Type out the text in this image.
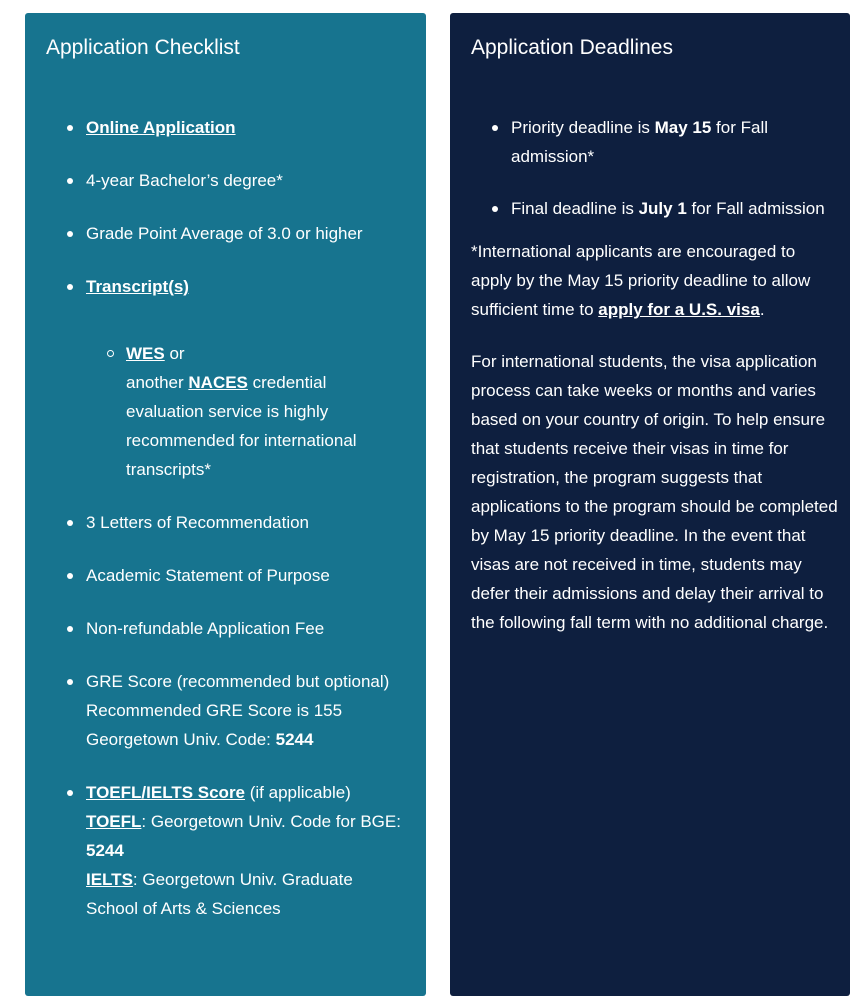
Application Checklist
Online Application
4-year Bachelor’s degree*
Grade Point Average of 3.0 or higher
Transcript(s)
WES or
another NACES credential evaluation service is highly recommended for international transcripts*
3 Letters of Recommendation
Academic Statement of Purpose
Non-refundable Application Fee
GRE Score (recommended but optional)
Recommended GRE Score is 155
Georgetown Univ. Code: 5244
TOEFL/IELTS Score (if applicable)
TOEFL: Georgetown Univ. Code for BGE: 5244
IELTS: Georgetown Univ. Graduate School of Arts & Sciences
Application Deadlines
Priority deadline is May 15 for Fall admission*
Final deadline is July 1 for Fall admission

*International applicants are encouraged to apply by the May 15 priority deadline to allow sufficient time to apply for a U.S. visa.

For international students, the visa application process can take weeks or months and varies based on your country of origin. To help ensure that students receive their visas in time for registration, the program suggests that applications to the program should be completed by May 15 priority deadline. In the event that visas are not received in time, students may defer their admissions and delay their arrival to the following fall term with no additional charge.
